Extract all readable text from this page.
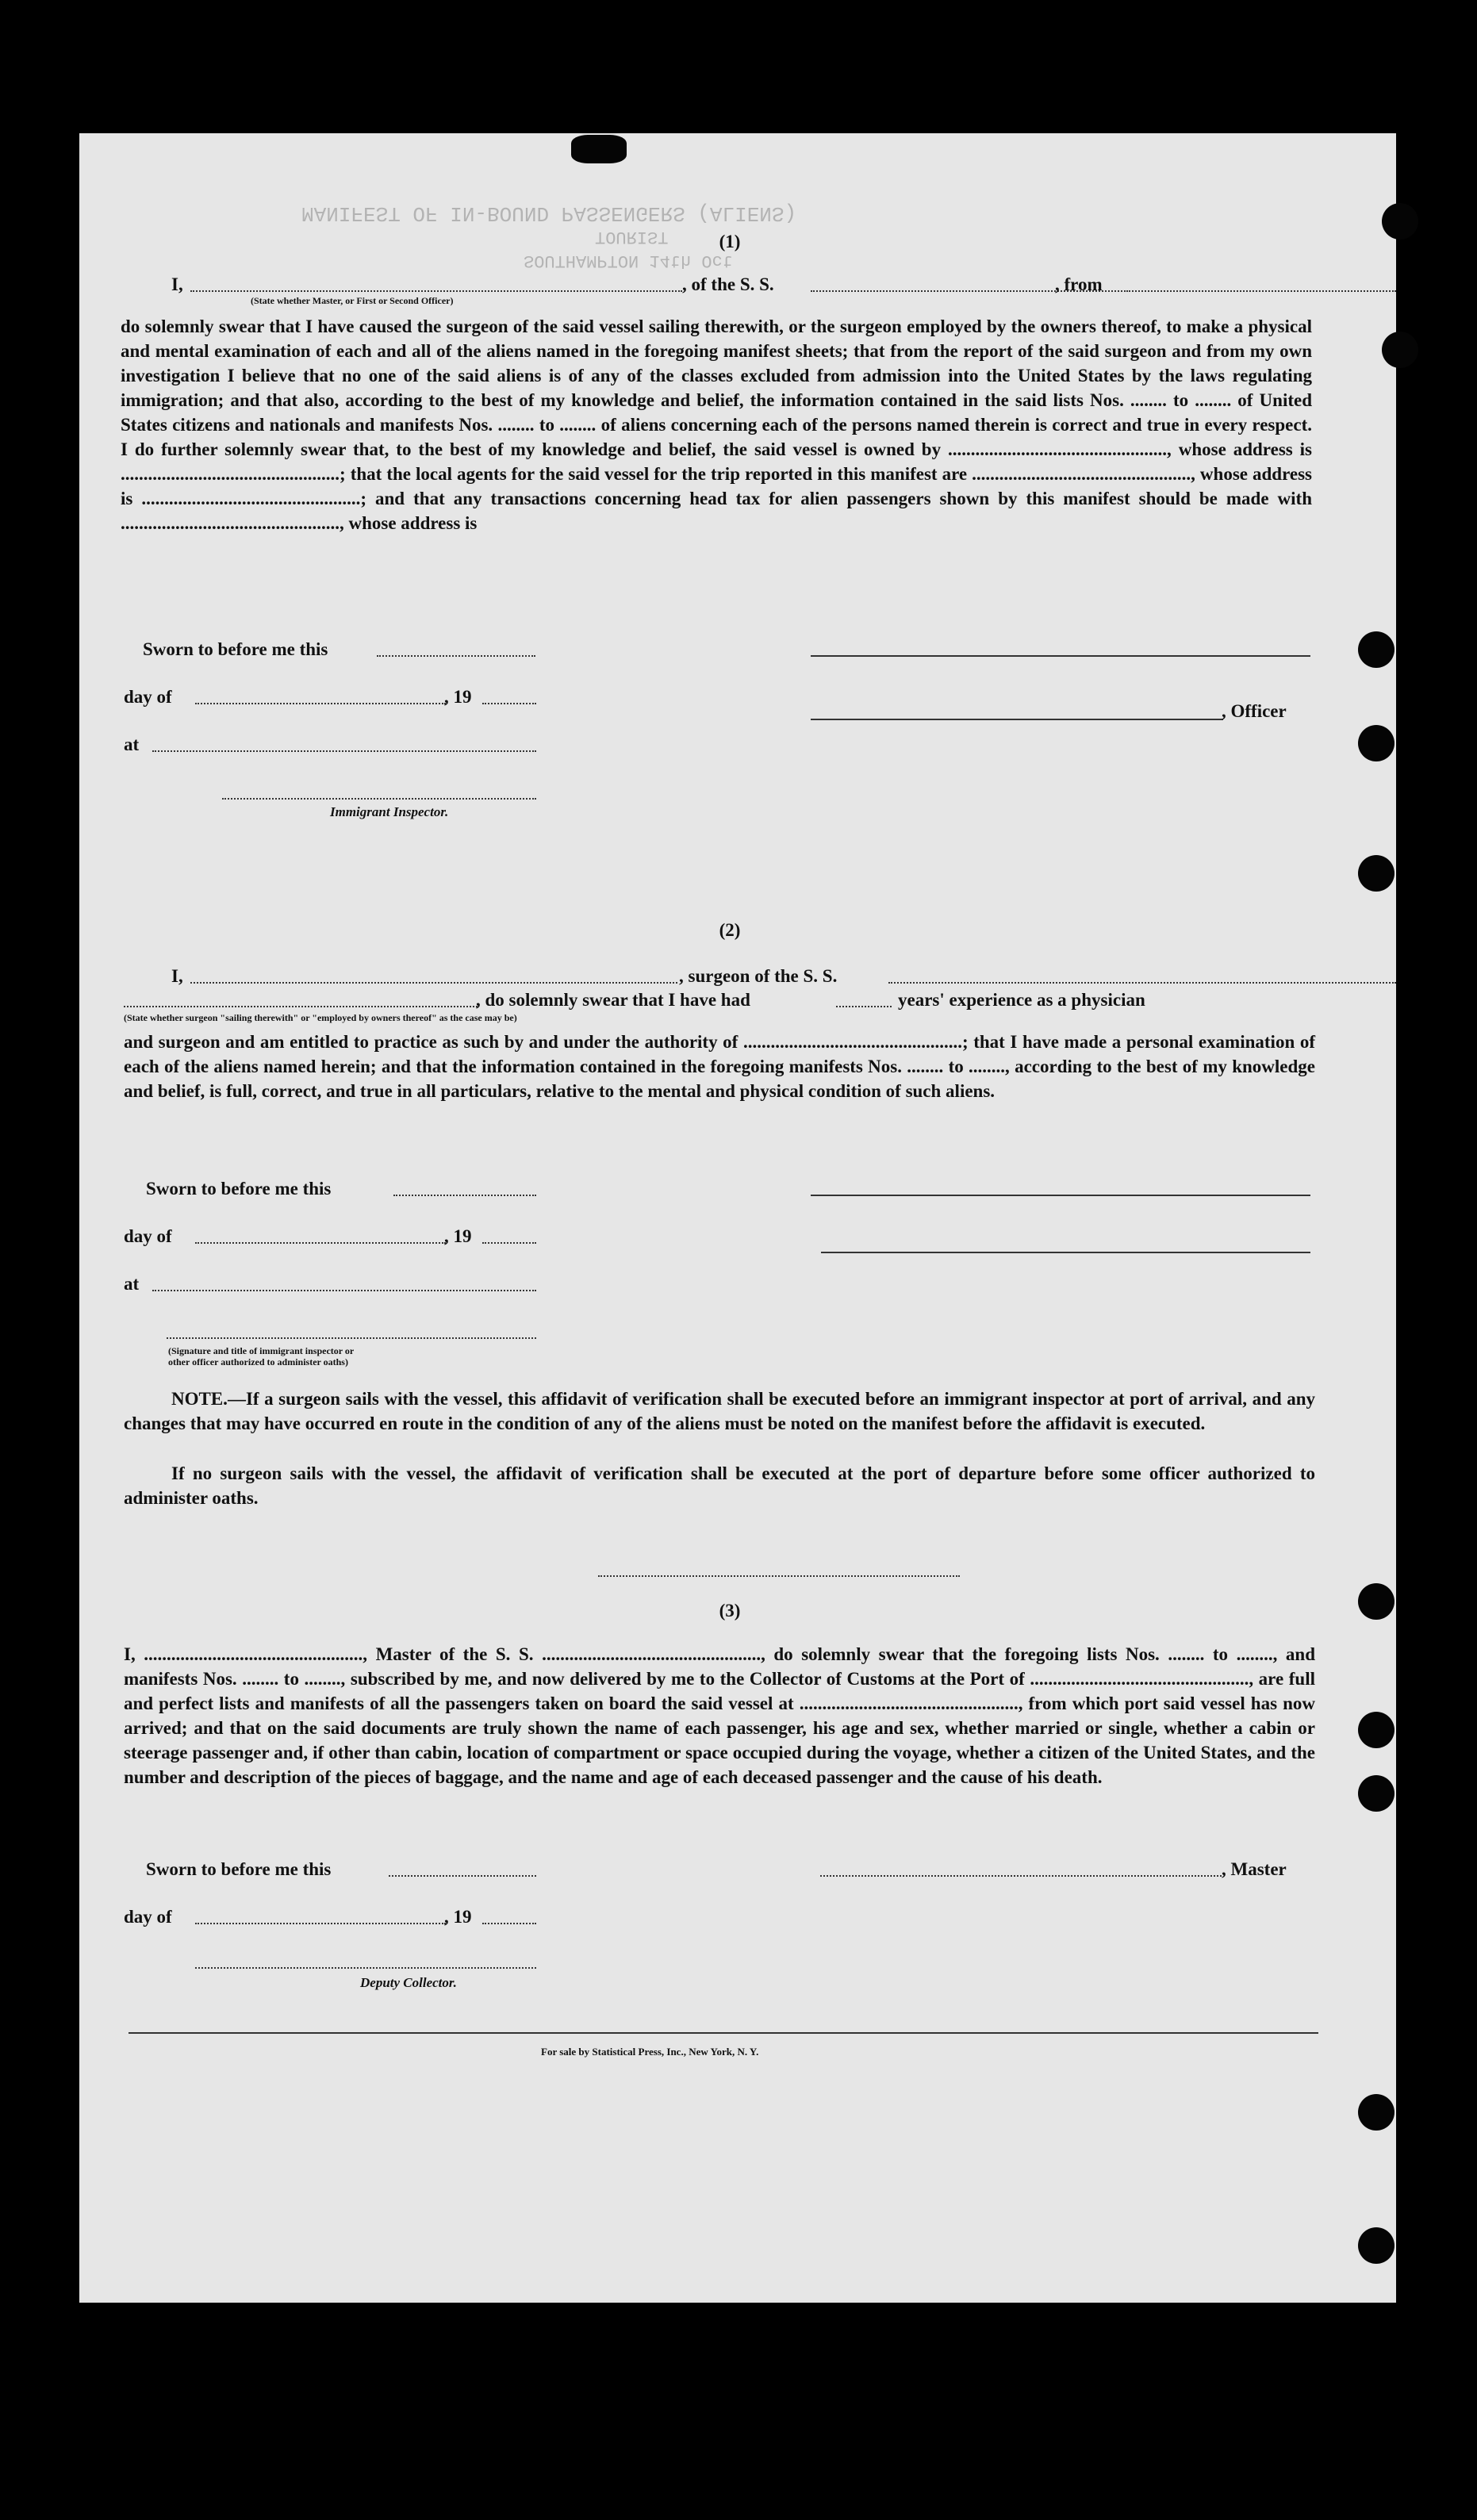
MANIFEST OF IN-BOUND PASSENGERS (ALIENS)
TOURIST
SOUTHAMPTON 14th Oct
(1)
I,	, of the S. S.	, from
(State whether Master, or First or Second Officer)
do solemnly swear that I have caused the surgeon of the said vessel sailing therewith, or the surgeon employed by the owners thereof, to make a physical and mental examination of each and all of the aliens named in the foregoing manifest sheets; that from the report of the said surgeon and from my own investigation I believe that no one of the said aliens is of any of the classes excluded from admission into the United States by the laws regulating immigration; and that also, according to the best of my knowledge and belief, the information contained in the said lists Nos. ........ to ........ of United States citizens and nationals and manifests Nos. ........ to ........ of aliens concerning each of the persons named therein is correct and true in every respect. I do further solemnly swear that, to the best of my knowledge and belief, the said vessel is owned by ................................................, whose address is ................................................; that the local agents for the said vessel for the trip reported in this manifest are ................................................, whose address is ................................................; and that any transactions concerning head tax for alien passengers shown by this manifest should be made with ................................................, whose address is
Sworn to before me this
day of	, 19
at
Immigrant Inspector.
, Officer
(2)
I,	, surgeon of the S. S.
, do solemnly swear that I have had	years' experience as a physician
(State whether surgeon "sailing therewith" or "employed by owners thereof" as the case may be)
and surgeon and am entitled to practice as such by and under the authority of ................................................; that I have made a personal examination of each of the aliens named herein; and that the information contained in the foregoing manifests Nos. ........ to ........, according to the best of my knowledge and belief, is full, correct, and true in all particulars, relative to the mental and physical condition of such aliens.
Sworn to before me this
day of	, 19
at
(Signature and title of immigrant inspector or
other officer authorized to administer oaths)
NOTE.—If a surgeon sails with the vessel, this affidavit of verification shall be executed before an immigrant inspector at port of arrival, and any changes that may have occurred en route in the condition of any of the aliens must be noted on the manifest before the affidavit is executed.
If no surgeon sails with the vessel, the affidavit of verification shall be executed at the port of departure before some officer authorized to administer oaths.
(3)
I, ................................................, Master of the S. S. ................................................, do solemnly swear that the foregoing lists Nos. ........ to ........, and manifests Nos. ........ to ........, subscribed by me, and now delivered by me to the Collector of Customs at the Port of ................................................, are full and perfect lists and manifests of all the passengers taken on board the said vessel at ................................................, from which port said vessel has now arrived; and that on the said documents are truly shown the name of each passenger, his age and sex, whether married or single, whether a cabin or steerage passenger and, if other than cabin, location of compartment or space occupied during the voyage, whether a citizen of the United States, and the number and description of the pieces of baggage, and the name and age of each deceased passenger and the cause of his death.
Sworn to before me this
day of	, 19
Deputy Collector.
, Master
For sale by Statistical Press, Inc., New York, N. Y.
